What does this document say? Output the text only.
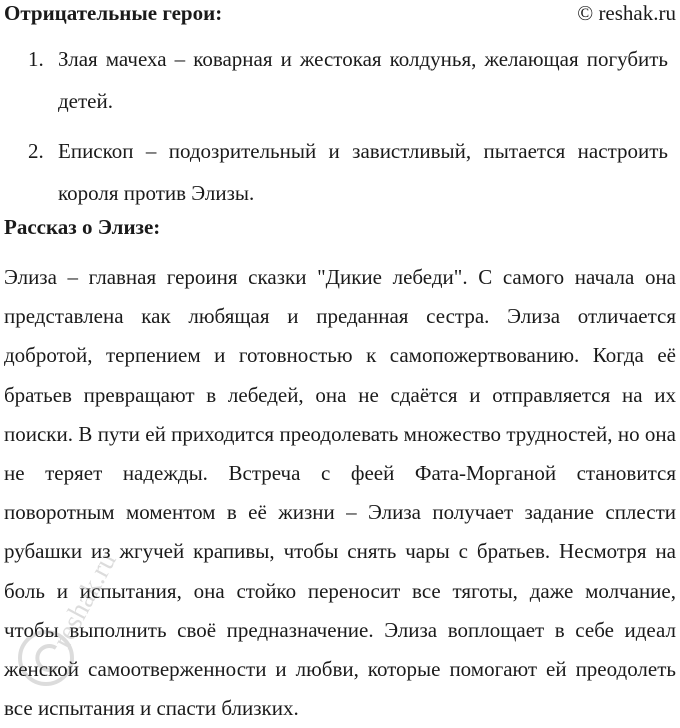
Отрицательные герои:	© reshak.ru
1. Злая мачеха – коварная и жестокая колдунья, желающая погубить детей.
2. Епископ – подозрительный и завистливый, пытается настроить короля против Элизы.
Рассказ о Элизе:

Элиза – главная героиня сказки "Дикие лебеди". С самого начала она представлена как любящая и преданная сестра. Элиза отличается добротой, терпением и готовностью к самопожертвованию. Когда её братьев превращают в лебедей, она не сдаётся и отправляется на их поиски. В пути ей приходится преодолевать множество трудностей, но она не теряет надежды. Встреча с феей Фата-Морганой становится поворотным моментом в её жизни – Элиза получает задание сплести рубашки из жгучей крапивы, чтобы снять чары с братьев. Несмотря на боль и испытания, она стойко переносит все тяготы, даже молчание, чтобы выполнить своё предназначение. Элиза воплощает в себе идеал женской самоотверженности и любви, которые помогают ей преодолеть все испытания и спасти близких.

reshak.ru
